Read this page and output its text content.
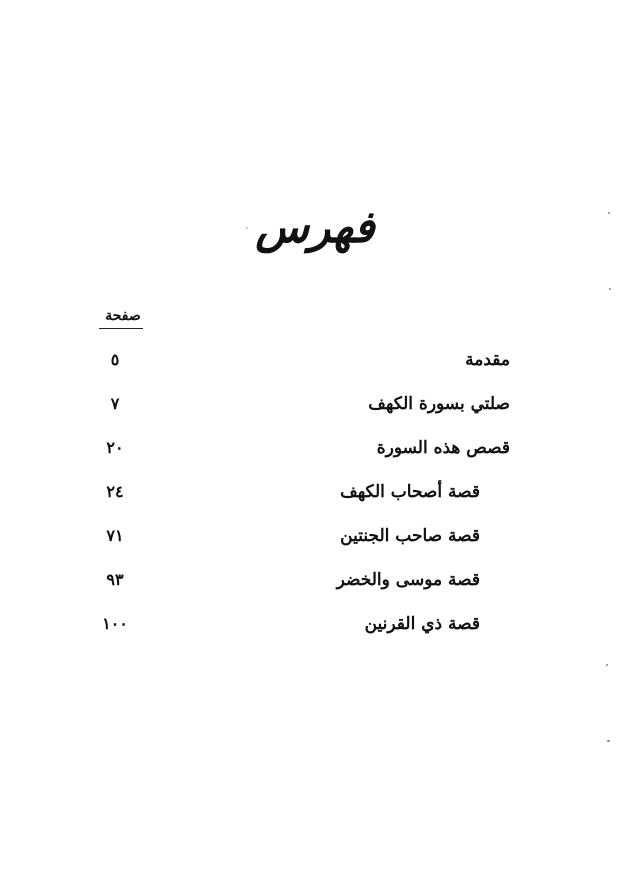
فهرس
صفحة
مقدمة
٥
صلتي بسورة الكهف
٧
قصص هذه السورة
٢٠
قصة أصحاب الكهف
٢٤
قصة صاحب الجنتين
٧١
قصة موسى والخضر
٩٣
قصة ذي القرنين
١٠٠
